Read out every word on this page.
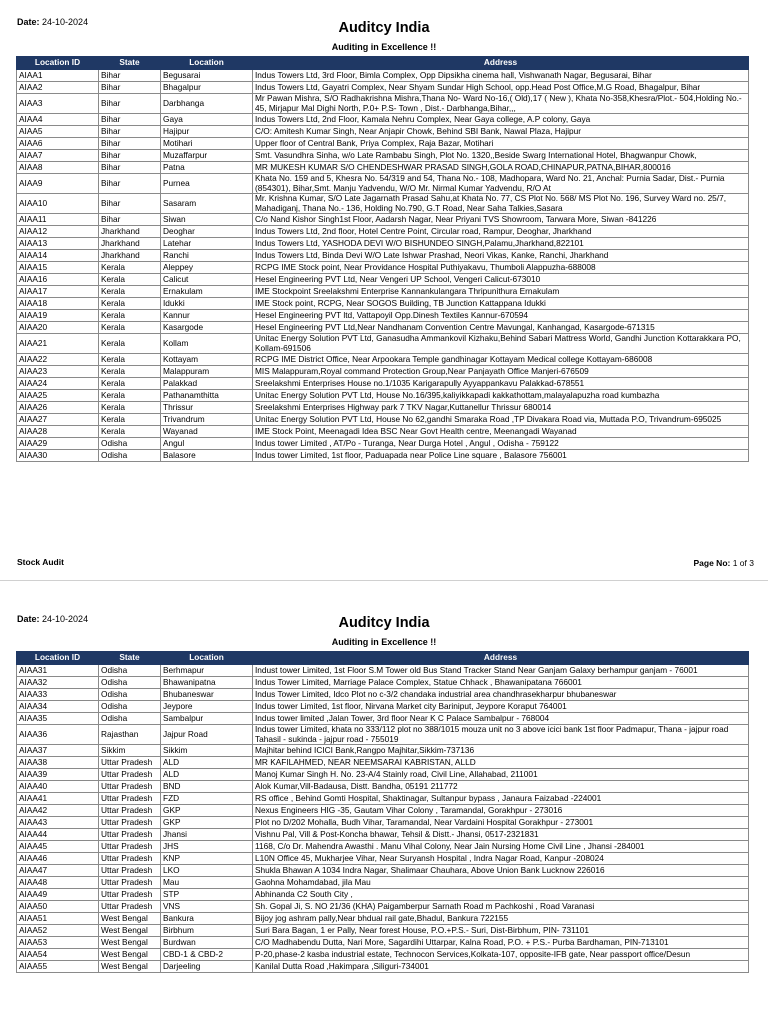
Date: 24-10-2024	Auditcy India
Auditing in Excellence !!
Location ID	State	Location	Address
AIAA1	Bihar	Begusarai	Indus Towers Ltd, 3rd Floor, Bimla Complex, Opp Dipsikha cinema hall, Vishwanath Nagar, Begusarai, Bihar
AIAA2	Bihar	Bhagalpur	Indus Towers Ltd, Gayatri Complex, Near Shyam Sundar High School, opp.Head Post Office,M.G Road, Bhagalpur, Bihar
AIAA3	Bihar	Darbhanga	Mr Pawan Mishra, S/O Radhakrishna Mishra,Thana No- Ward No-16,( Old),17 ( New ), Khata No-358,Khesra/Plot.- 504,Holding No.- 45, Mirjapur Mal Dighi North, P.0+ P.S- Town , Dist.- Darbhanga,Bihar,,,
AIAA4	Bihar	Gaya	Indus Towers Ltd, 2nd Floor, Kamala Nehru Complex, Near Gaya college, A.P colony, Gaya
AIAA5	Bihar	Hajipur	C/O: Amitesh Kumar Singh, Near Anjapir Chowk, Behind SBI Bank, Nawal Plaza, Hajipur
AIAA6	Bihar	Motihari	Upper floor of Central Bank, Priya Complex, Raja Bazar, Motihari
AIAA7	Bihar	Muzaffarpur	Smt. Vasundhra Sinha, w/o Late Rambabu Singh, Plot No. 1320,,Beside Swarg International Hotel, Bhagwanpur Chowk,
AIAA8	Bihar	Patna	MR MUKESH KUMAR S/O CHENDESHWAR PRASAD SINGH,GOLA ROAD,CHINAPUR,PATNA,BIHAR,800016
AIAA9	Bihar	Purnea	Khata No. 159 and 5, Khesra No. 54/319 and 54, Thana No.- 108, Madhopara, Ward No. 21, Anchal: Purnia Sadar, Dist.- Purnia (854301), Bihar,Smt. Manju Yadvendu, W/O Mr. Nirmal Kumar Yadvendu, R/O At
AIAA10	Bihar	Sasaram	Mr. Krishna Kumar, S/O Late Jagarnath Prasad Sahu,at Khata No. 77, CS Plot No. 568/ MS Plot No. 196, Survey Ward no. 25/7, Mahadiganj, Thana No.- 136, Holding No.790, G.T Road, Near Saha Talkies,Sasara
AIAA11	Bihar	Siwan	C/o Nand Kishor Singh1st Floor, Aadarsh Nagar, Near Priyani TVS Showroom, Tarwara More, Siwan -841226
AIAA12	Jharkhand	Deoghar	Indus Towers Ltd, 2nd floor, Hotel Centre Point, Circular road, Rampur, Deoghar, Jharkhand
AIAA13	Jharkhand	Latehar	Indus Towers Ltd, YASHODA DEVI W/O BISHUNDEO SINGH,Palamu,Jharkhand,822101
AIAA14	Jharkhand	Ranchi	Indus Towers Ltd, Binda Devi W/O Late Ishwar Prashad, Neori Vikas, Kanke, Ranchi, Jharkhand
AIAA15	Kerala	Aleppey	RCPG IME Stock point, Near Providance Hospital Puthiyakavu, Thumboli Alappuzha-688008
AIAA16	Kerala	Calicut	Hesel Engineering PVT Ltd, Near Vengeri UP School, Vengeri Calicut-673010
AIAA17	Kerala	Ernakulam	IME Stockpoint Sreelakshmi Enterprise Kannankulangara Thripunithura Ernakulam
AIAA18	Kerala	Idukki	IME Stock point, RCPG, Near SOGOS Building, TB Junction Kattappana Idukki
AIAA19	Kerala	Kannur	Hesel Engineering PVT ltd, Vattapoyil Opp.Dinesh Textiles Kannur-670594
AIAA20	Kerala	Kasargode	Hesel Engineering PVT Ltd,Near Nandhanam Convention Centre Mavungal, Kanhangad, Kasargode-671315
AIAA21	Kerala	Kollam	Unitac Energy Solution PVT Ltd, Ganasudha Ammankovil Kizhaku,Behind Sabari Mattress World, Gandhi Junction Kottarakkara PO, Kollam-691506
AIAA22	Kerala	Kottayam	RCPG IME District Office, Near Arpookara Temple gandhinagar Kottayam Medical college Kottayam-686008
AIAA23	Kerala	Malappuram	MIS Malappuram,Royal command Protection Group,Near Panjayath Office Manjeri-676509
AIAA24	Kerala	Palakkad	Sreelakshmi Enterprises House no.1/1035 Karigarapully Ayyappankavu Palakkad-678551
AIAA25	Kerala	Pathanamthitta	Unitac Energy Solution PVT Ltd, House No.16/395,kaliyikkapadi kakkathottam,malayalapuzha road kumbazha
AIAA26	Kerala	Thrissur	Sreelakshmi Enterprises Highway park 7 TKV Nagar,Kuttanellur Thrissur 680014
AIAA27	Kerala	Trivandrum	Unitac Energy Solution PVT Ltd, House No 62,gandhi Smaraka Road ,TP Divakara Road via, Muttada P.O, Trivandrum-695025
AIAA28	Kerala	Wayanad	IME Stock Point, Meenagadi Idea BSC Near Govt Health centre, Meenangadi Wayanad
AIAA29	Odisha	Angul	Indus tower Limited , AT/Po - Turanga, Near Durga Hotel , Angul , Odisha - 759122
AIAA30	Odisha	Balasore	Indus tower Limited, 1st floor, Paduapada near Police Line square , Balasore 756001
Stock Audit	Page No: 1 of 3
Date: 24-10-2024	Auditcy India
Auditing in Excellence !!
Location ID	State	Location	Address
AIAA31	Odisha	Berhmapur	Indust tower Limited, 1st Floor S.M Tower old Bus Stand Tracker Stand Near Ganjam Galaxy berhampur ganjam - 76001
AIAA32	Odisha	Bhawanipatna	Indus Tower Limited, Marriage Palace Complex, Statue Chhack , Bhawanipatana 766001
AIAA33	Odisha	Bhubaneswar	Indus Tower Limited, Idco Plot no c-3/2 chandaka industrial area chandhrasekharpur bhubaneswar
AIAA34	Odisha	Jeypore	Indus tower Limited, 1st floor, Nirvana Market city Bariniput, Jeypore Koraput 764001
AIAA35	Odisha	Sambalpur	Indus tower limited ,Jalan Tower, 3rd floor Near K C Palace Sambalpur - 768004
AIAA36	Rajasthan	Jajpur Road	Indus tower Limited, khata no 333/112 plot no 388/1015 mouza unit no 3 above icici bank 1st floor Padmapur, Thana - jajpur road Tahasil - sukinda - jajpur road - 755019
AIAA37	Sikkim	Sikkim	Majhitar behind ICICI Bank,Rangpo Majhitar,Sikkim-737136
AIAA38	Uttar Pradesh	ALD	MR KAFILAHMED, NEAR NEEMSARAI KABRISTAN, ALLD
AIAA39	Uttar Pradesh	ALD	Manoj Kumar Singh H. No. 23-A/4 Stainly road, Civil Line, Allahabad, 211001
AIAA40	Uttar Pradesh	BND	Alok Kumar,Vill-Badausa, Distt. Bandha, 05191 211772
AIAA41	Uttar Pradesh	FZD	RS office , Behind Gomti Hospital, Shaktinagar, Sultanpur bypass , Janaura Faizabad -224001
AIAA42	Uttar Pradesh	GKP	Nexus Engineers HIG -35, Gautam Vihar Colony , Taramandal, Gorakhpur - 273016
AIAA43	Uttar Pradesh	GKP	Plot no D/202 Mohalla, Budh Vihar, Taramandal, Near Vardaini Hospital Gorakhpur - 273001
AIAA44	Uttar Pradesh	Jhansi	Vishnu Pal, Vill & Post-Koncha bhawar, Tehsil & Distt.- Jhansi, 0517-2321831
AIAA45	Uttar Pradesh	JHS	1168, C/o Dr. Mahendra Awasthi . Manu Vihal Colony, Near Jain Nursing Home Civil Line , Jhansi -284001
AIAA46	Uttar Pradesh	KNP	L10N Office 45, Mukharjee Vihar, Near Suryansh Hospital , Indra Nagar Road, Kanpur -208024
AIAA47	Uttar Pradesh	LKO	Shukla Bhawan A 1034 Indra Nagar, Shalimaar Chauhara, Above Union Bank Lucknow 226016
AIAA48	Uttar Pradesh	Mau	Gaohna Mohamdabad, jila Mau
AIAA49	Uttar Pradesh	STP	Abhinanda C2 South City ,
AIAA50	Uttar Pradesh	VNS	Sh. Gopal Ji, S. NO 21/36 (KHA) Paigamberpur Sarnath Road m Pachkoshi , Road Varanasi
AIAA51	West Bengal	Bankura	Bijoy jog ashram pally,Near bhdual rail gate,Bhadul, Bankura 722155
AIAA52	West Bengal	Birbhum	Suri Bara Bagan, 1 er Pally, Near forest House, P.O.+P.S.- Suri, Dist-Birbhum, PIN- 731101
AIAA53	West Bengal	Burdwan	C/O Madhabendu Dutta, Nari More, Sagardihi Uttarpar, Kalna Road, P.O. + P.S.- Purba Bardhaman, PIN-713101
AIAA54	West Bengal	CBD-1 & CBD-2	P-20,phase-2 kasba industrial estate, Technocon Services,Kolkata-107, opposite-IFB gate, Near passport office/Desun
AIAA55	West Bengal	Darjeeling	Kanilal Dutta Road ,Hakimpara ,Siliguri-734001
